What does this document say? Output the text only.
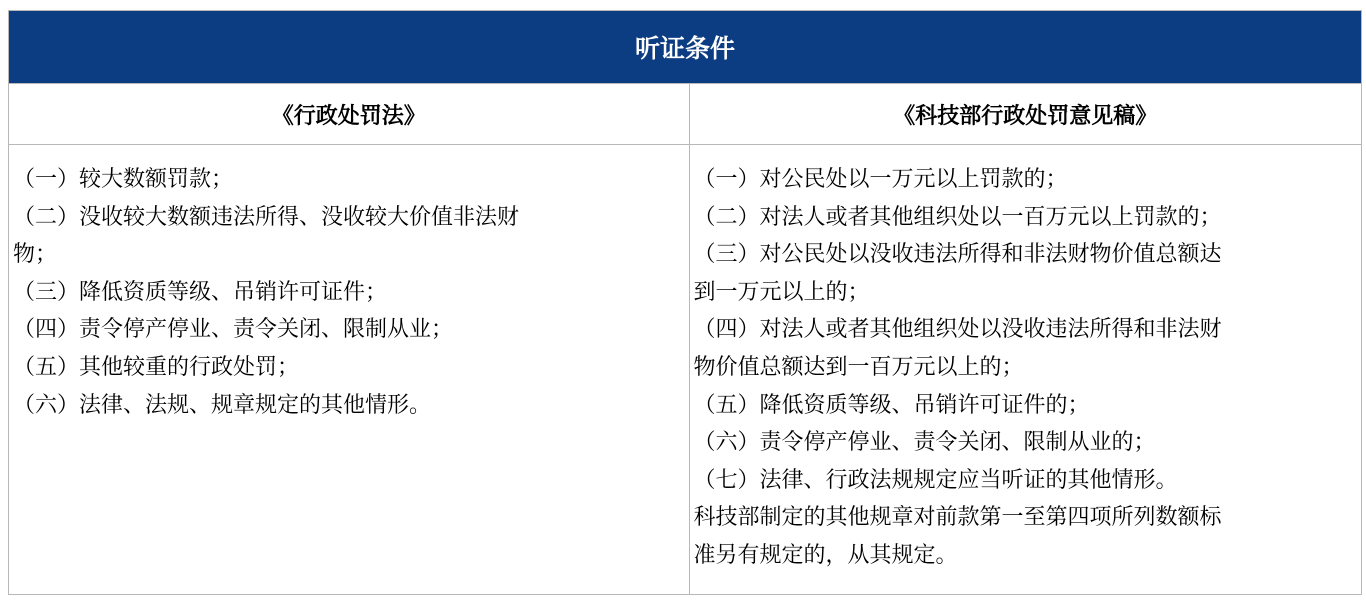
听证条件
《行政处罚法》	《科技部行政处罚意见稿》
（一）较大数额罚款；
（二）没收较大数额违法所得、没收较大价值非法财
物；
（三）降低资质等级、吊销许可证件；
（四）责令停产停业、责令关闭、限制从业；
（五）其他较重的行政处罚；
（六）法律、法规、规章规定的其他情形。
（一）对公民处以一万元以上罚款的；
（二）对法人或者其他组织处以一百万元以上罚款的；
（三）对公民处以没收违法所得和非法财物价值总额达
到一万元以上的；
（四）对法人或者其他组织处以没收违法所得和非法财
物价值总额达到一百万元以上的；
（五）降低资质等级、吊销许可证件的；
（六）责令停产停业、责令关闭、限制从业的；
（七）法律、行政法规规定应当听证的其他情形。
科技部制定的其他规章对前款第一至第四项所列数额标
准另有规定的，从其规定。
